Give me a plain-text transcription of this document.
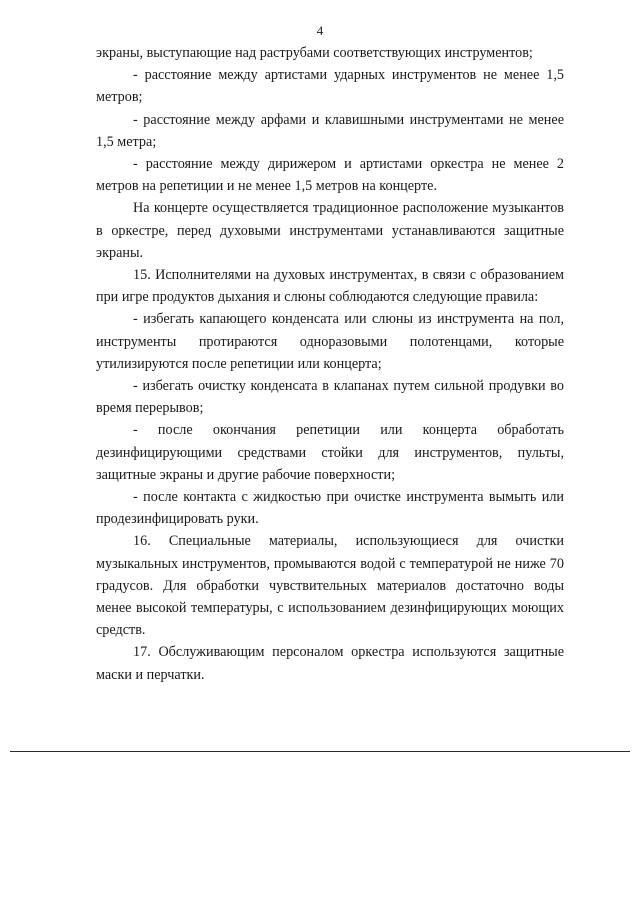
4

экраны, выступающие над раструбами соответствующих инструментов;

- расстояние между артистами ударных инструментов не менее 1,5 метров;

- расстояние между арфами и клавишными инструментами не менее 1,5 метра;

- расстояние между дирижером и артистами оркестра не менее 2 метров на репетиции и не менее 1,5 метров на концерте.

На концерте осуществляется традиционное расположение музыкантов в оркестре, перед духовыми инструментами устанавливаются защитные экраны.

15. Исполнителями на духовых инструментах, в связи с образованием при игре продуктов дыхания и слюны соблюдаются следующие правила:

- избегать капающего конденсата или слюны из инструмента на пол, инструменты протираются одноразовыми полотенцами, которые утилизируются после репетиции или концерта;

- избегать очистку конденсата в клапанах путем сильной продувки во время перерывов;

- после окончания репетиции или концерта обработать дезинфицирующими средствами стойки для инструментов, пульты, защитные экраны и другие рабочие поверхности;

- после контакта с жидкостью при очистке инструмента вымыть или продезинфицировать руки.

16. Специальные материалы, использующиеся для очистки музыкальных инструментов, промываются водой с температурой не ниже 70 градусов. Для обработки чувствительных материалов достаточно воды менее высокой температуры, с использованием дезинфицирующих моющих средств.

17. Обслуживающим персоналом оркестра используются защитные маски и перчатки.
